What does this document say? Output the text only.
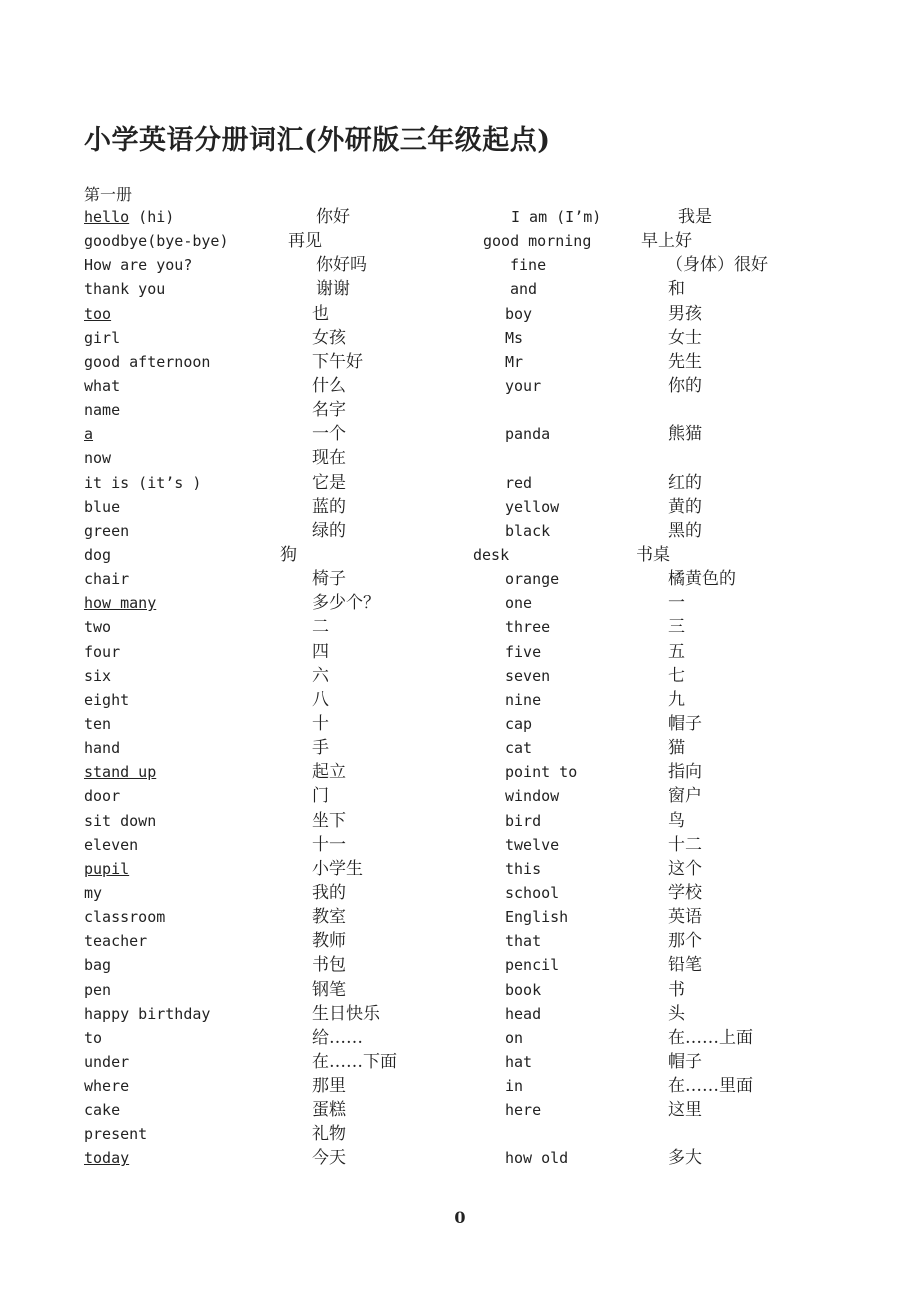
小学英语分册词汇(外研版三年级起点)
第一册
hello (hi)	你好	I am (I’m)	我是
goodbye(bye-bye)	再见	good morning	早上好
How are you?	你好吗	fine	（身体）很好
thank you	谢谢	and	和
too	也	boy	男孩
girl	女孩	Ms	女士
good afternoon	下午好	Mr	先生
what	什么	your	你的
name	名字
a	一个	panda	熊猫
now	现在
it is (it’s )	它是	red	红的
blue	蓝的	yellow	黄的
green	绿的	black	黑的
dog	狗	desk	书桌
chair	椅子	orange	橘黄色的
how many	多少个？	one	一
two	二	three	三
four	四	five	五
six	六	seven	七
eight	八	nine	九
ten	十	cap	帽子
hand	手	cat	猫
stand up	起立	point to	指向
door	门	window	窗户
sit down	坐下	bird	鸟
eleven	十一	twelve	十二
pupil	小学生	this	这个
my	我的	school	学校
classroom	教室	English	英语
teacher	教师	that	那个
bag	书包	pencil	铅笔
pen	钢笔	book	书
happy birthday	生日快乐	head	头
to	给……	on	在……上面
under	在……下面	hat	帽子
where	那里	in	在……里面
cake	蛋糕	here	这里
present	礼物
today	今天	how old	多大
0
